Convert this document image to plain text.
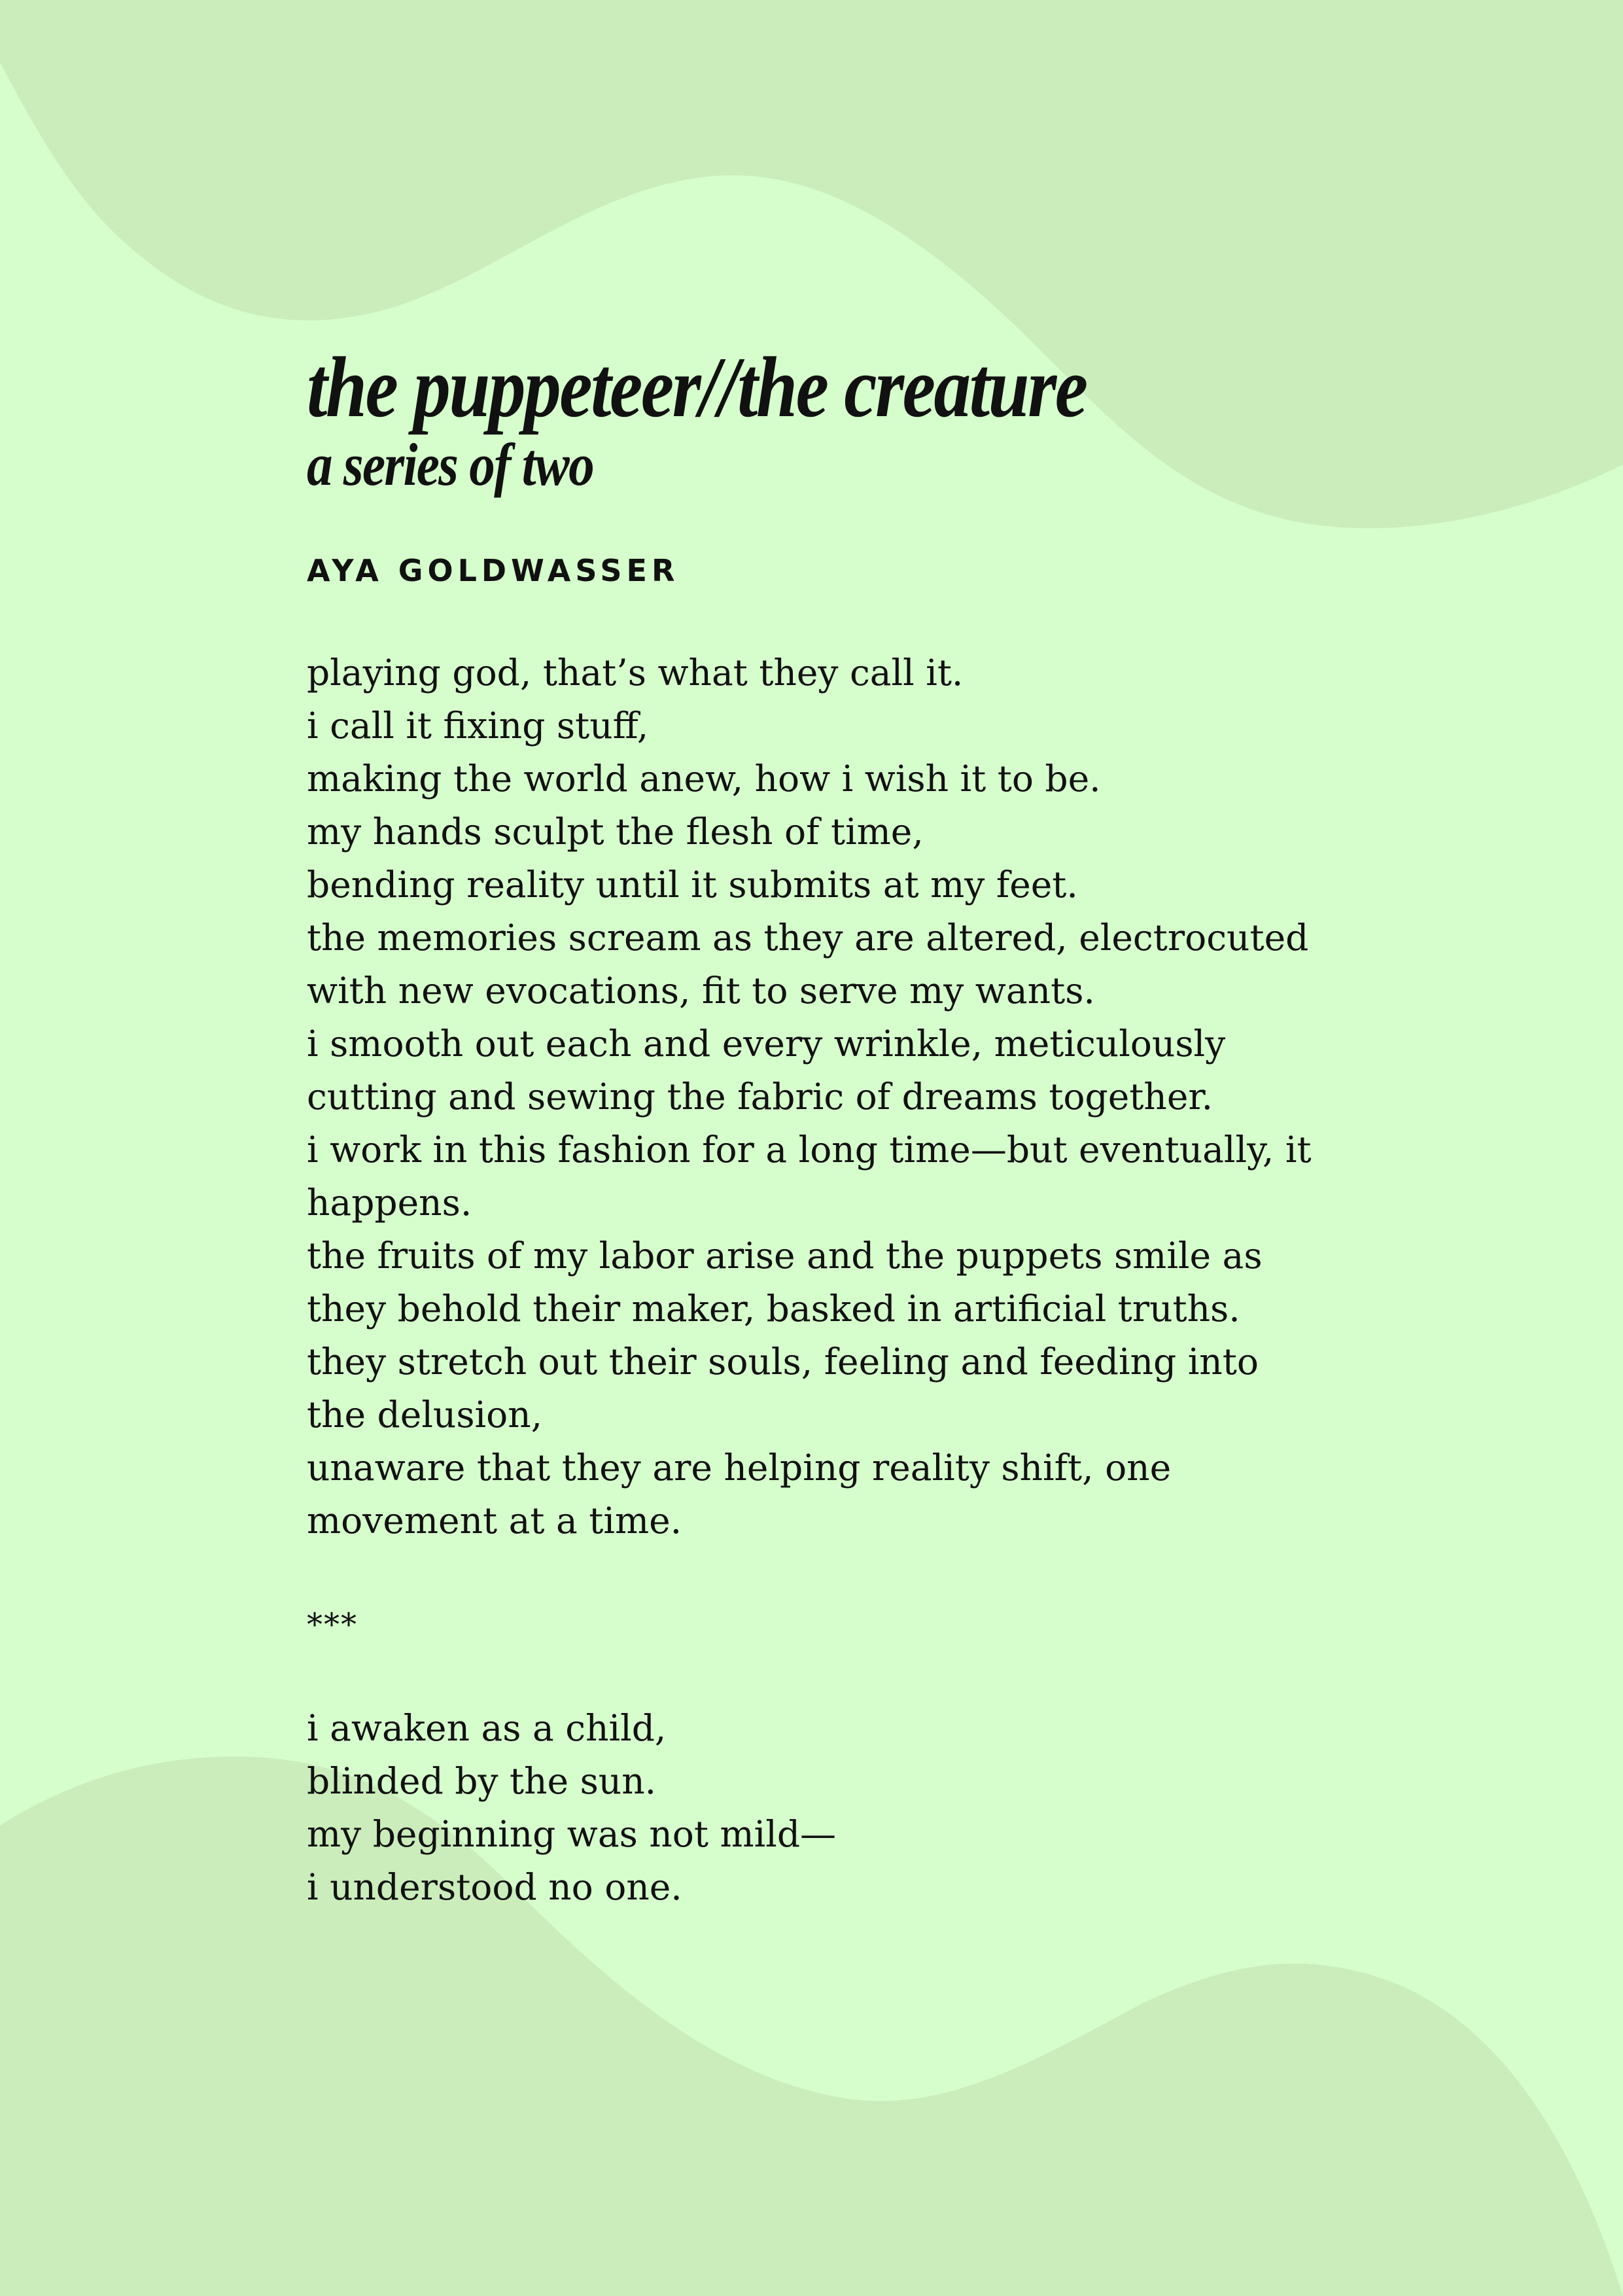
the puppeteer//the creature
a series of two
AYA GOLDWASSER
playing god, that’s what they call it.
i call it fixing stuff,
making the world anew, how i wish it to be.
my hands sculpt the flesh of time,
bending reality until it submits at my feet.
the memories scream as they are altered, electrocuted
with new evocations, fit to serve my wants.
i smooth out each and every wrinkle, meticulously
cutting and sewing the fabric of dreams together.
i work in this fashion for a long time—but eventually, it
happens.
the fruits of my labor arise and the puppets smile as
they behold their maker, basked in artificial truths.
they stretch out their souls, feeling and feeding into
the delusion,
unaware that they are helping reality shift, one
movement at a time.
***
i awaken as a child,
blinded by the sun.
my beginning was not mild—
i understood no one.
